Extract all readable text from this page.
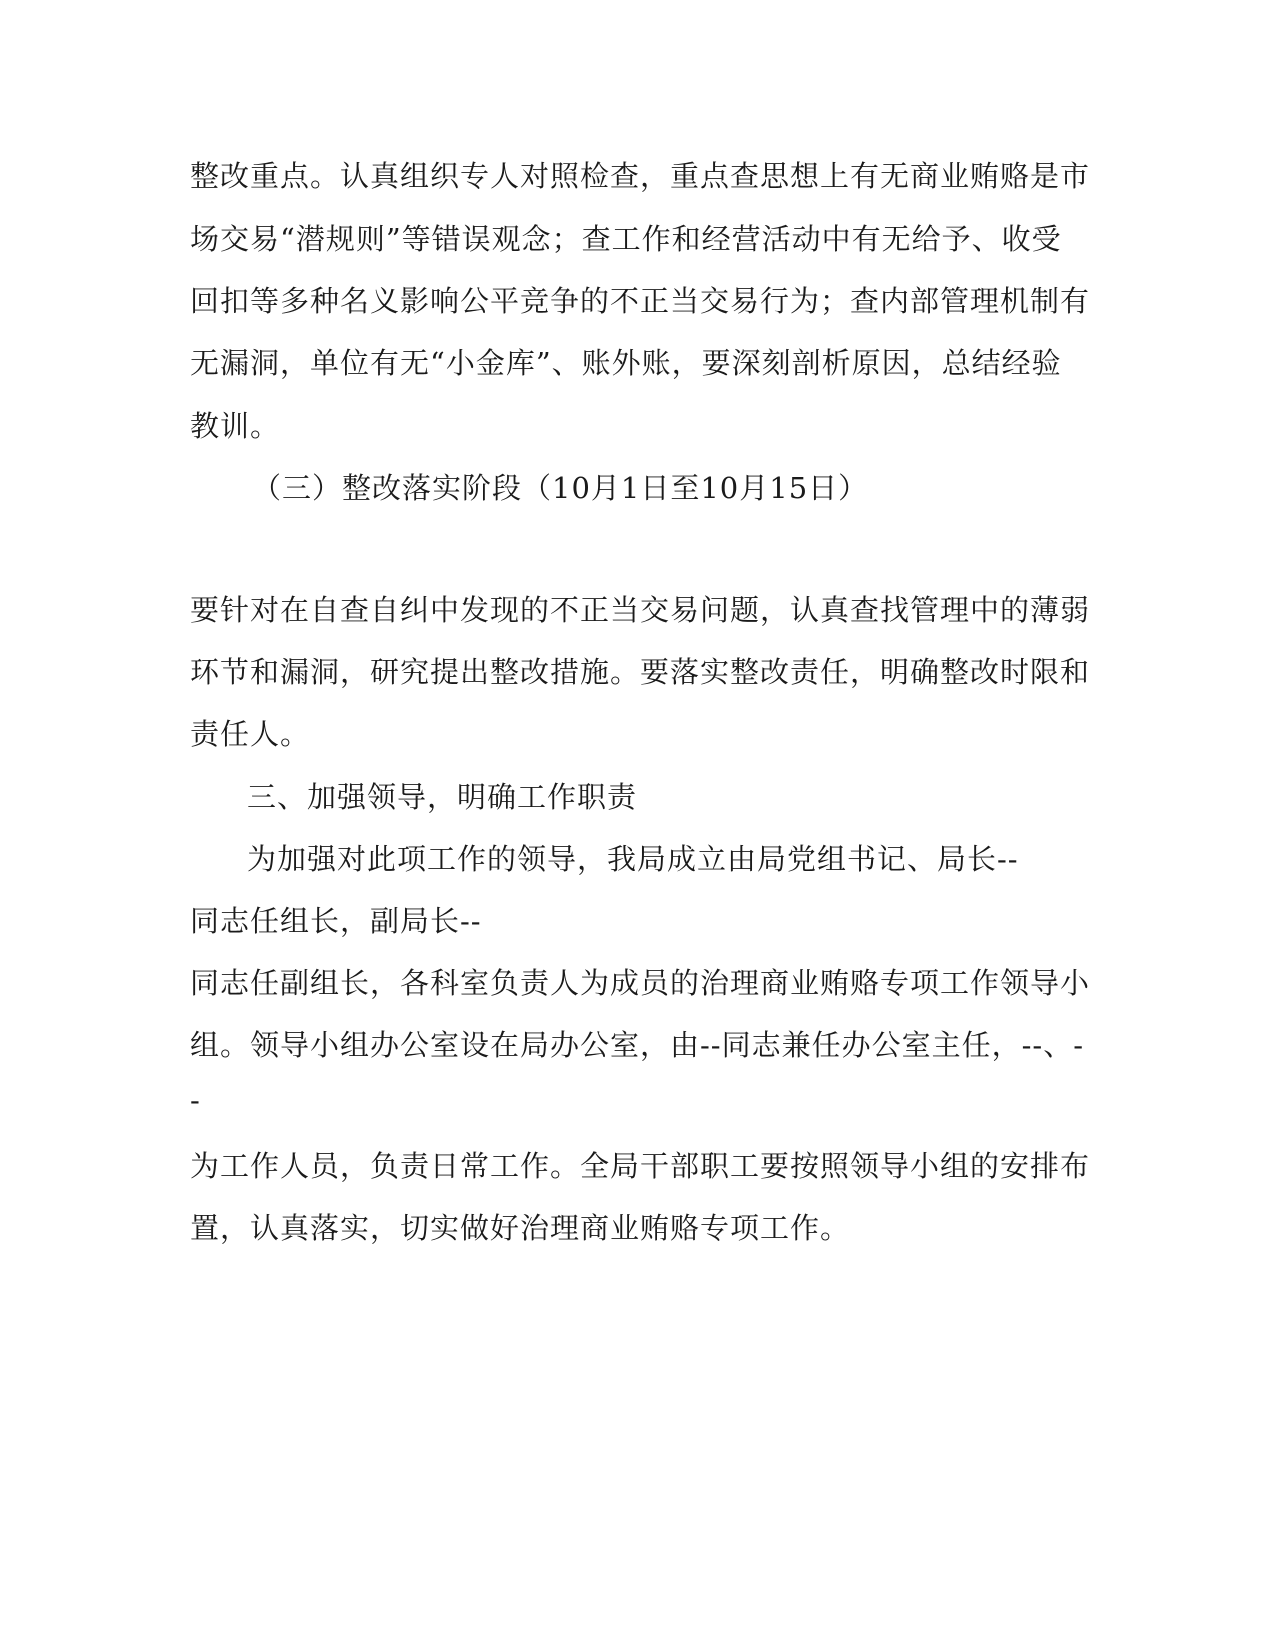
整改重点。认真组织专人对照检查，重点查思想上有无商业贿赂是市
场交易“潜规则”等错误观念；查工作和经营活动中有无给予、收受
回扣等多种名义影响公平竞争的不正当交易行为；查内部管理机制有
无漏洞，单位有无“小金库”、账外账，要深刻剖析原因，总结经验
教训。
（三）整改落实阶段（10月1日至10月15日）
要针对在自查自纠中发现的不正当交易问题，认真查找管理中的薄弱
环节和漏洞，研究提出整改措施。要落实整改责任，明确整改时限和
责任人。
三、加强领导，明确工作职责
为加强对此项工作的领导，我局成立由局党组书记、局长--
同志任组长，副局长--
同志任副组长，各科室负责人为成员的治理商业贿赂专项工作领导小
组。领导小组办公室设在局办公室，由--同志兼任办公室主任，--、-
-
为工作人员，负责日常工作。全局干部职工要按照领导小组的安排布
置，认真落实，切实做好治理商业贿赂专项工作。
